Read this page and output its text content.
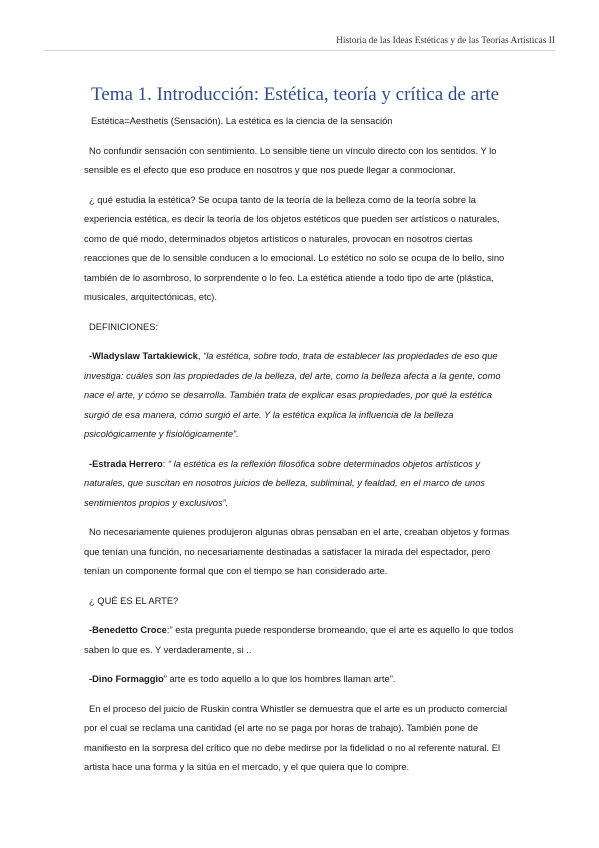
Historia de las Ideas Estéticas y de las Teorías Artísticas II
Tema 1. Introducción: Estética, teoría y crítica de arte

Estética=Aesthetis (Sensación). La estética es la ciencia de la sensación

No confundir sensación con sentimiento. Lo sensible tiene un vínculo directo con los sentidos. Y lo sensible es el efecto que eso produce en nosotros y que nos puede llegar a conmocionar.

¿ qué estudia la estética? Se ocupa tanto de la teoría de la belleza como de la teoría sobre la experiencia estética, es decir la teoría de los objetos estéticos que pueden ser artísticos o naturales, como de qué modo, determinados objetos artísticos o naturales, provocan en nosotros ciertas reacciones que de lo sensible conducen a lo emocional. Lo estético no solo se ocupa de lo bello, sino también de lo asombroso, lo sorprendente o lo feo. La estética atiende a todo tipo de arte (plástica, musicales, arquitectónicas, etc).

DEFINICIONES:

-Wladyslaw Tartakiewick, “la estética, sobre todo, trata de establecer las propiedades de eso que investiga: cuáles son las propiedades de la belleza, del arte, como la belleza afecta a la gente, como nace el arte, y cómo se desarrolla. También trata de explicar esas propiedades, por qué la estética surgió de esa manera, cómo surgió el arte. Y la estética explica la influencia de la belleza psicológicamente y fisiológicamente”.

-Estrada Herrero: “ la estética es la reflexión filosófica sobre determinados objetos artísticos y naturales, que suscitan en nosotros juicios de belleza, subliminal, y fealdad, en el marco de unos sentimientos propios y exclusivos”.

No necesariamente quienes produjeron algunas obras pensaban en el arte, creaban objetos y formas que tenían una función, no necesariamente destinadas a satisfacer la mirada del espectador, pero tenían un componente formal que con el tiempo se han considerado arte.

¿ QUÉ ES EL ARTE?

-Benedetto Croce:” esta pregunta puede responderse bromeando, que el arte es aquello lo que todos saben lo que es. Y verdaderamente, si ..

-Dino Formaggio” arte es todo aquello a lo que los hombres llaman arte”.

En el proceso del juicio de Ruskin contra Whistler se demuestra que el arte es un producto comercial por el cual se reclama una cantidad (el arte no se paga por horas de trabajo). También pone de manifiesto en la sorpresa del crítico que no debe medirse por la fidelidad o no al referente natural. El artista hace una forma y la sitúa en el mercado, y el que quiera que lo compre.
